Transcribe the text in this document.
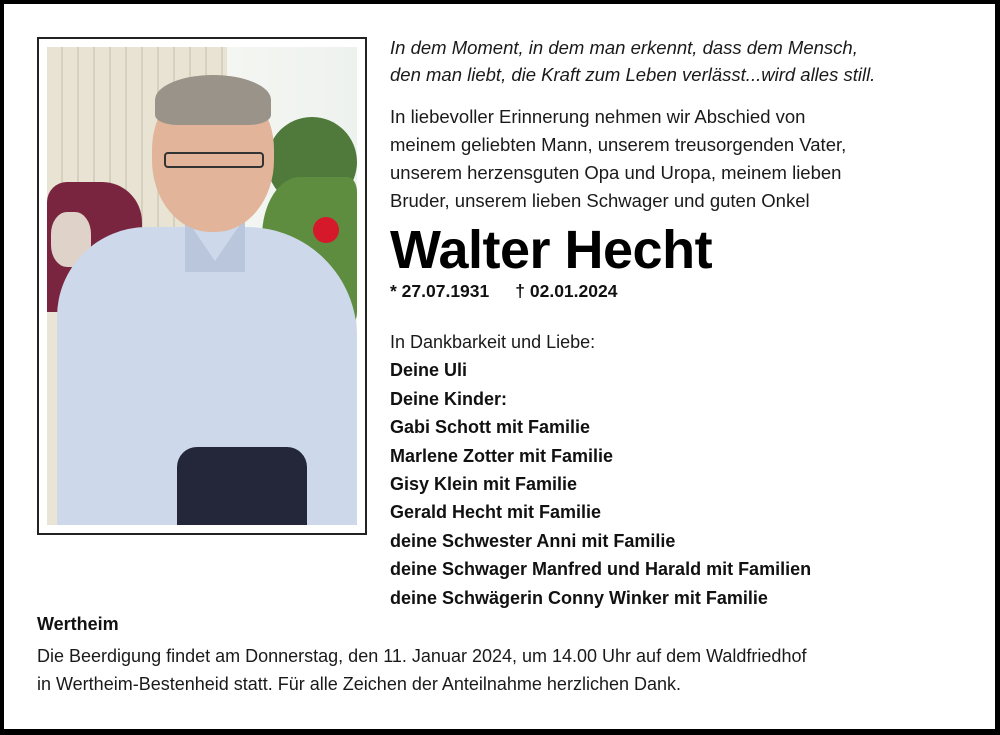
In dem Moment, in dem man erkennt, dass dem Mensch,
den man liebt, die Kraft zum Leben verlässt...wird alles still.

In liebevoller Erinnerung nehmen wir Abschied von
meinem geliebten Mann, unserem treusorgenden Vater,
unserem herzensguten Opa und Uropa, meinem lieben
Bruder, unserem lieben Schwager und guten Onkel
Walter Hecht
* 27.07.1931 † 02.01.2024
In Dankbarkeit und Liebe:
Deine Uli
Deine Kinder:
Gabi Schott mit Familie
Marlene Zotter mit Familie
Gisy Klein mit Familie
Gerald Hecht mit Familie
deine Schwester Anni mit Familie
deine Schwager Manfred und Harald mit Familien
deine Schwägerin Conny Winker mit Familie
Wertheim
Die Beerdigung findet am Donnerstag, den 11. Januar 2024, um 14.00 Uhr auf dem Waldfriedhof
in Wertheim-Bestenheid statt. Für alle Zeichen der Anteilnahme herzlichen Dank.
